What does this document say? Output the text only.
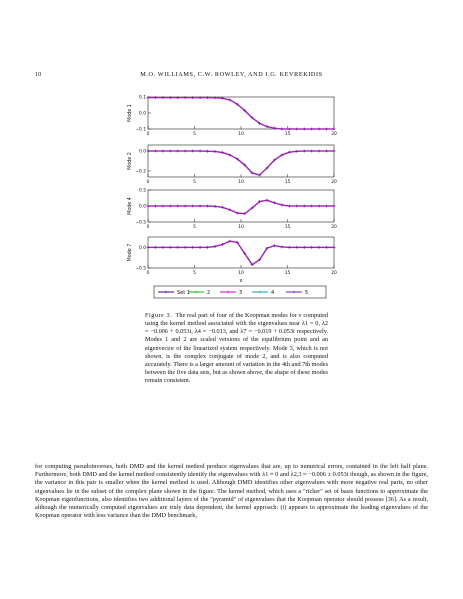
10	M.O. WILLIAMS, C.W. ROWLEY, AND I.G. KEVREKIDIS
0.1
0.0
−0.1
0	5	10	15	20
Mode 1
0.0
−0.2
0	5	10	15	20
Mode 2
0.5
0.0
−0.5
0	5	10	15	20
Mode 4
0.0
−0.5
0	5	10	15	20
Mode 7
x
Set 1	2	3	4	5
Figure 3. The real part of four of the Koopman modes for v computed using the kernel method associated with the eigenvalues near λ1 = 0, λ2 = −0.006 + 0.053i, λ4 = −0.013, and λ7 = −0.019 + 0.053i respectively. Modes 1 and 2 are scaled versions of the equilibrium point and an eigenvector of the linearized system respectively. Mode 3, which is not shown, is the complex conjugate of mode 2, and is also computed accurately. There is a larger amount of variation in the 4th and 7th modes between the five data sets, but as shown above, the shape of these modes remain consistent.
for computing pseudoinverses, both DMD and the kernel method produce eigenvalues that are, up to numerical errors, contained in the left half plane. Furthermore, both DMD and the kernel method consistently identify the eigenvalues with λ1 ≈ 0 and λ2,3 ≈ −0.006 ± 0.053i though, as shown in the figure, the variance in this pair is smaller when the kernel method is used. Although DMD identifies other eigenvalues with more negative real parts, no other eigenvalues lie in the subset of the complex plane shown in the figure. The kernel method, which uses a "richer" set of basis functions to approximate the Koopman eigenfunctions, also identifies two additional layers of the "pyramid" of eigenvalues that the Koopman operator should possess [36]. As a result, although the numerically computed eigenvalues are truly data dependent, the kernel approach: (i) appears to approximate the leading eigenvalues of the Koopman operator with less variance than the DMD benchmark,
